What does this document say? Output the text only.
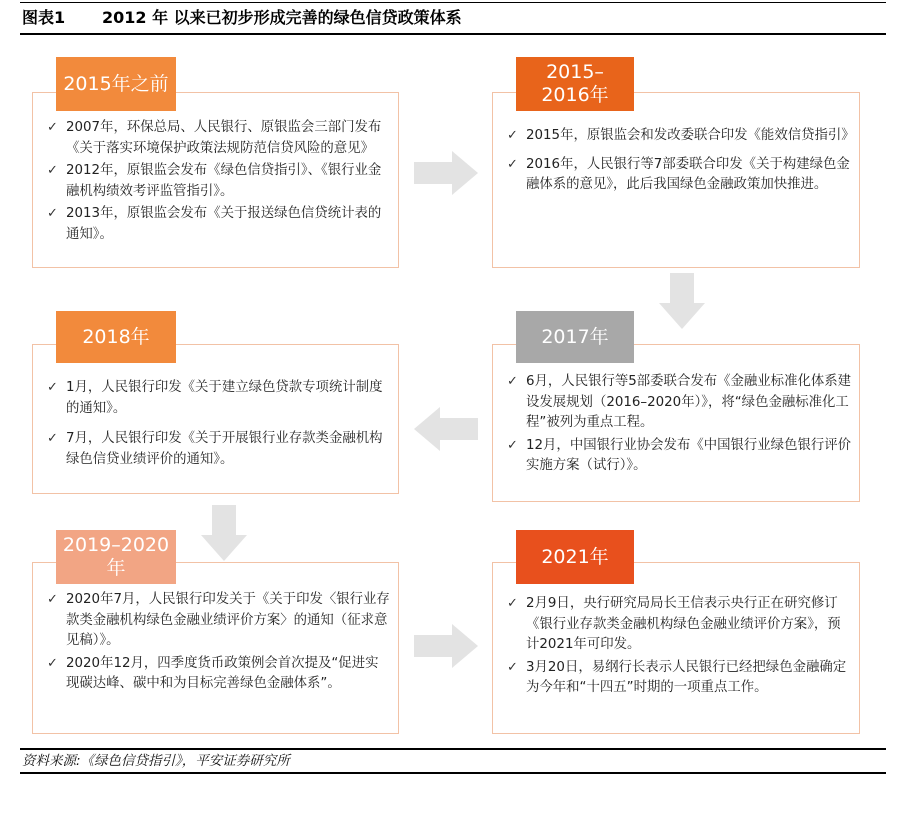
图表1 2012 年 以来已初步形成完善的绿色信贷政策体系
2015年之前
✓ 2007年，环保总局、人民银行、原银监会三部门发布《关于落实环境保护政策法规防范信贷风险的意见》
✓ 2012年，原银监会发布《绿色信贷指引》、《银行业金融机构绩效考评监管指引》。
✓ 2013年，原银监会发布《关于报送绿色信贷统计表的通知》。
2015–2016年
✓ 2015年，原银监会和发改委联合印发《能效信贷指引》
✓ 2016年，人民银行等7部委联合印发《关于构建绿色金融体系的意见》，此后我国绿色金融政策加快推进。
2018年
✓ 1月，人民银行印发《关于建立绿色贷款专项统计制度的通知》。
✓ 7月，人民银行印发《关于开展银行业存款类金融机构绿色信贷业绩评价的通知》。
2017年
✓ 6月，人民银行等5部委联合发布《金融业标准化体系建设发展规划（2016–2020年）》，将“绿色金融标准化工程”被列为重点工程。
✓ 12月，中国银行业协会发布《中国银行业绿色银行评价实施方案（试行）》。
2019–2020年
✓ 2020年7月，人民银行印发关于《关于印发〈银行业存款类金融机构绿色金融业绩评价方案〉的通知（征求意见稿）》。
✓ 2020年12月，四季度货币政策例会首次提及“促进实现碳达峰、碳中和为目标完善绿色金融体系”。
2021年
✓ 2月9日，央行研究局局长王信表示央行正在研究修订《银行业存款类金融机构绿色金融业绩评价方案》，预计2021年可印发。
✓ 3月20日，易纲行长表示人民银行已经把绿色金融确定为今年和“十四五”时期的一项重点工作。
资料来源:《绿色信贷指引》，平安证券研究所
